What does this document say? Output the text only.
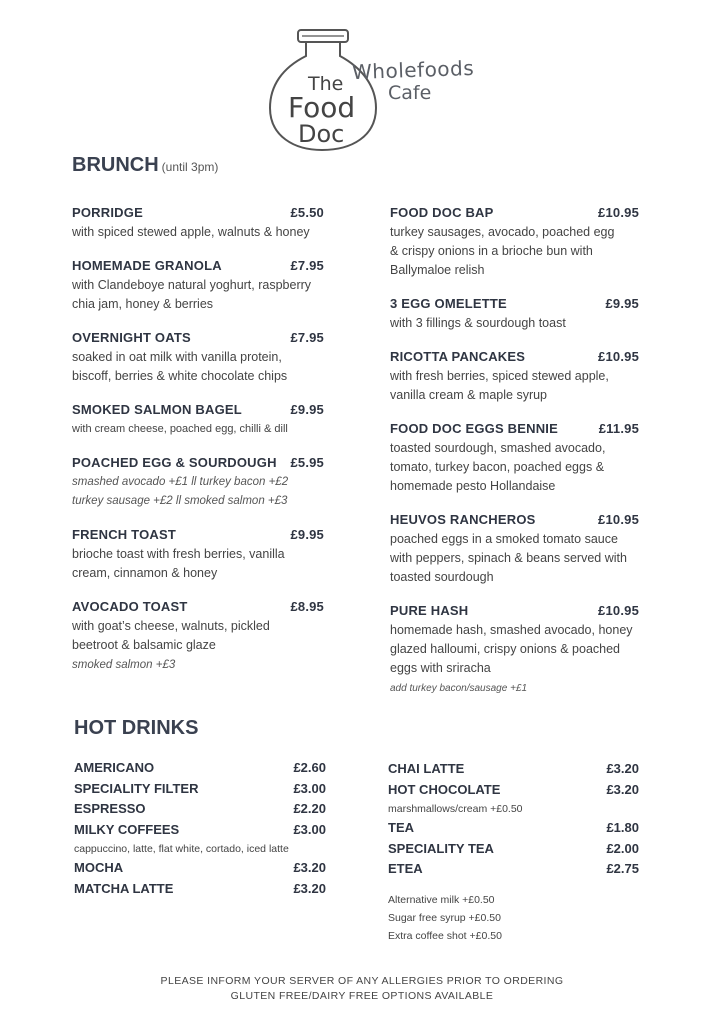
The
Food
Doc
Wholefoods
Cafe
BRUNCH (until 3pm)
PORRIDGE	£5.50
with spiced stewed apple, walnuts & honey
HOMEMADE GRANOLA	£7.95
with Clandeboye natural yoghurt, raspberry
chia jam, honey & berries
OVERNIGHT OATS	£7.95
soaked in oat milk with vanilla protein,
biscoff, berries & white chocolate chips
SMOKED SALMON BAGEL	£9.95
with cream cheese, poached egg, chilli & dill
POACHED EGG & SOURDOUGH £5.95
smashed avocado +£1 ll turkey bacon +£2
turkey sausage +£2 ll smoked salmon +£3
FRENCH TOAST	£9.95
brioche toast with fresh berries, vanilla
cream, cinnamon & honey
AVOCADO TOAST	£8.95
with goat’s cheese, walnuts, pickled
beetroot & balsamic glaze
smoked salmon +£3
FOOD DOC BAP	£10.95
turkey sausages, avocado, poached egg
& crispy onions in a brioche bun with
Ballymaloe relish
3 EGG OMELETTE	£9.95
with 3 fillings & sourdough toast
RICOTTA PANCAKES	£10.95
with fresh berries, spiced stewed apple,
vanilla cream & maple syrup
FOOD DOC EGGS BENNIE	£11.95
toasted sourdough, smashed avocado,
tomato, turkey bacon, poached eggs &
homemade pesto Hollandaise
HEUVOS RANCHEROS	£10.95
poached eggs in a smoked tomato sauce
with peppers, spinach & beans served with
toasted sourdough
PURE HASH	£10.95
homemade hash, smashed avocado, honey
glazed halloumi, crispy onions & poached
eggs with sriracha
add turkey bacon/sausage +£1
HOT DRINKS
AMERICANO	£2.60
SPECIALITY FILTER	£3.00
ESPRESSO	£2.20
MILKY COFFEES	£3.00
cappuccino, latte, flat white, cortado, iced latte
MOCHA	£3.20
MATCHA LATTE	£3.20
CHAI LATTE	£3.20
HOT CHOCOLATE	£3.20
marshmallows/cream +£0.50
TEA	£1.80
SPECIALITY TEA	£2.00
ETEA	£2.75
Alternative milk +£0.50
Sugar free syrup +£0.50
Extra coffee shot +£0.50
PLEASE INFORM YOUR SERVER OF ANY ALLERGIES PRIOR TO ORDERING
GLUTEN FREE/DAIRY FREE OPTIONS AVAILABLE
